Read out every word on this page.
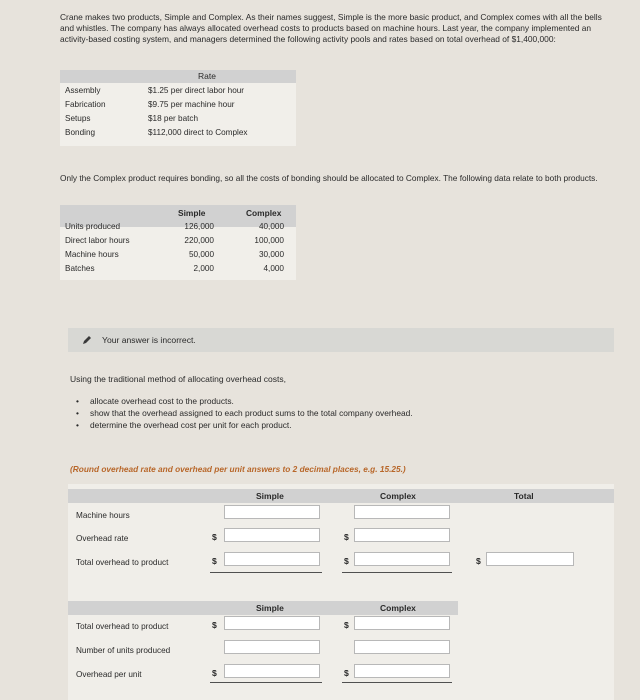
Crane makes two products, Simple and Complex. As their names suggest, Simple is the more basic product, and Complex comes with all the bells and whistles. The company has always allocated overhead costs to products based on machine hours. Last year, the company implemented an activity-based costing system, and managers determined the following activity pools and rates based on total overhead of $1,400,000:
Rate
Assembly	$1.25 per direct labor hour
Fabrication	$9.75 per machine hour
Setups	$18 per batch
Bonding	$112,000 direct to Complex
Only the Complex product requires bonding, so all the costs of bonding should be allocated to Complex. The following data relate to both products.
Simple	Complex
Units produced	126,000	40,000
Direct labor hours	220,000	100,000
Machine hours	50,000	30,000
Batches	2,000	4,000
Your answer is incorrect.
Using the traditional method of allocating overhead costs,
• allocate overhead cost to the products.
• show that the overhead assigned to each product sums to the total company overhead.
• determine the overhead cost per unit for each product.
(Round overhead rate and overhead per unit answers to 2 decimal places, e.g. 15.25.)
Simple	Complex	Total
Machine hours
Overhead rate	$	$
Total overhead to product	$	$	$
Simple	Complex
Total overhead to product	$	$
Number of units produced
Overhead per unit	$	$
